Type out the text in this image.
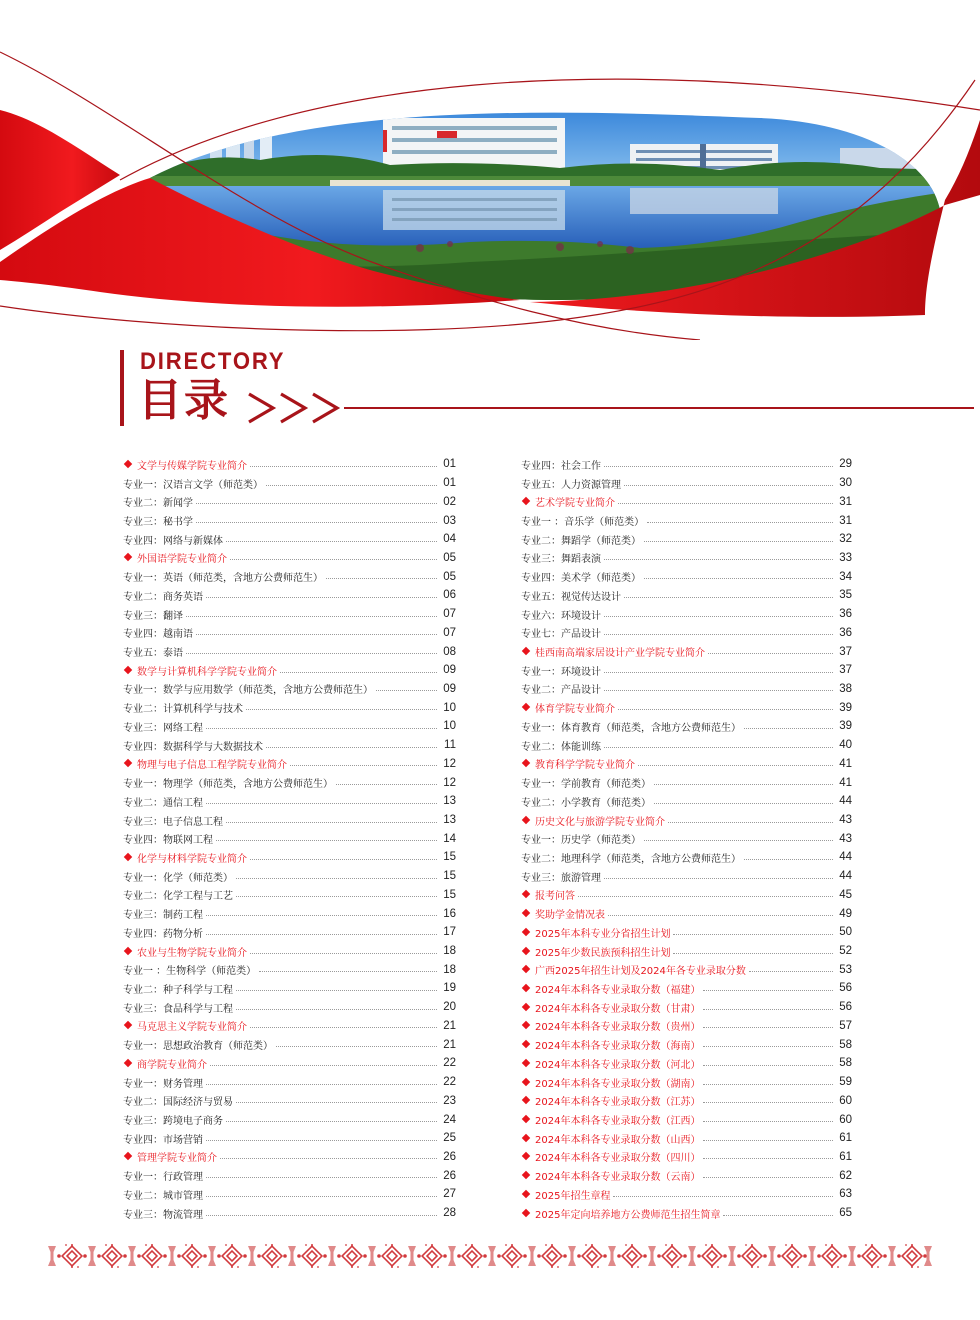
DIRECTORY
目录
文学与传媒学院专业简介	01
专业一：汉语言文学（师范类）	01
专业二：新闻学	02
专业三：秘书学	03
专业四：网络与新媒体	04
外国语学院专业简介	05
专业一：英语（师范类，含地方公费师范生）	05
专业二：商务英语	06
专业三：翻译	07
专业四：越南语	07
专业五：泰语	08
数学与计算机科学学院专业简介	09
专业一：数学与应用数学（师范类，含地方公费师范生）	09
专业二：计算机科学与技术	10
专业三：网络工程	10
专业四：数据科学与大数据技术	11
物理与电子信息工程学院专业简介	12
专业一：物理学（师范类，含地方公费师范生）	12
专业二：通信工程	13
专业三：电子信息工程	13
专业四：物联网工程	14
化学与材料学院专业简介	15
专业一：化学（师范类）	15
专业二：化学工程与工艺	15
专业三：制药工程	16
专业四：药物分析	17
农业与生物学院专业简介	18
专业一 ：生物科学（师范类）	18
专业二：种子科学与工程	19
专业三：食品科学与工程	20
马克思主义学院专业简介	21
专业一：思想政治教育（师范类）	21
商学院专业简介	22
专业一：财务管理	22
专业二：国际经济与贸易	23
专业三：跨境电子商务	24
专业四：市场营销	25
管理学院专业简介	26
专业一：行政管理	26
专业二：城市管理	27
专业三：物流管理	28
专业四：社会工作	29
专业五：人力资源管理	30
艺术学院专业简介	31
专业一 ：音乐学（师范类）	31
专业二：舞蹈学（师范类）	32
专业三：舞蹈表演	33
专业四：美术学（师范类）	34
专业五：视觉传达设计	35
专业六：环境设计	36
专业七：产品设计	36
桂西南高端家居设计产业学院专业简介	37
专业一：环境设计	37
专业二：产品设计	38
体育学院专业简介	39
专业一：体育教育（师范类，含地方公费师范生）	39
专业二：体能训练	40
教育科学学院专业简介	41
专业一：学前教育（师范类）	41
专业二：小学教育（师范类）	44
历史文化与旅游学院专业简介	43
专业一：历史学（师范类）	43
专业二：地理科学（师范类，含地方公费师范生）	44
专业三：旅游管理	44
报考问答	45
奖助学金情况表	49
2025年本科专业分省招生计划	50
2025年少数民族预科招生计划	52
广西2025年招生计划及2024年各专业录取分数	53
2024年本科各专业录取分数（福建）	56
2024年本科各专业录取分数（甘肃）	56
2024年本科各专业录取分数（贵州）	57
2024年本科各专业录取分数（海南）	58
2024年本科各专业录取分数（河北）	58
2024年本科各专业录取分数（湖南）	59
2024年本科各专业录取分数（江苏）	60
2024年本科各专业录取分数（江西）	60
2024年本科各专业录取分数（山西）	61
2024年本科各专业录取分数（四川）	61
2024年本科各专业录取分数（云南）	62
2025年招生章程	63
2025年定向培养地方公费师范生招生简章	65
